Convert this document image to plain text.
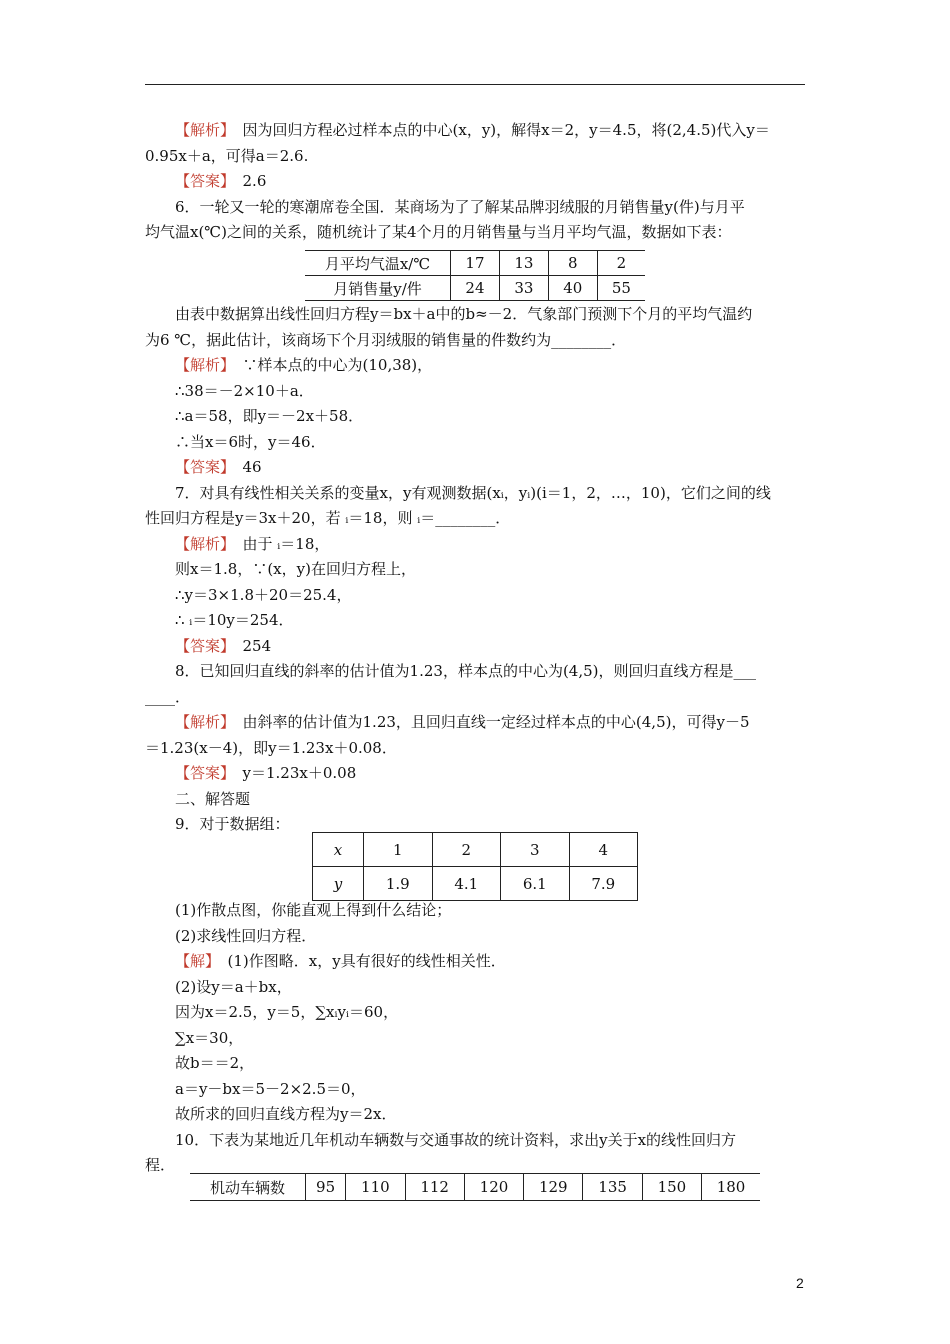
【解析】　因为回归方程必过样本点的中心(x，y)，解得x＝2，y＝4.5，将(2,4.5)代入y＝
0.95x＋a，可得a＝2.6.
【答案】　2.6
6．一轮又一轮的寒潮席卷全国．某商场为了了解某品牌羽绒服的月销售量y(件)与月平
均气温x(℃)之间的关系，随机统计了某4个月的月销售量与当月平均气温，数据如下表：
月平均气温x/℃	17	13	8	2
月销售量y/件	24	33	40	55
由表中数据算出线性回归方程y＝bx＋a中的b≈－2．气象部门预测下个月的平均气温约
为6 ℃，据此估计，该商场下个月羽绒服的销售量的件数约为________．
【解析】　∵样本点的中心为(10,38)，
∴38＝－2×10＋a．
∴a＝58，即y＝－2x＋58．
∴当x＝6时，y＝46．
【答案】　46
7．对具有线性相关关系的变量x，y有观测数据(xᵢ，yᵢ)(i＝1，2，…，10)，它们之间的线
性回归方程是y＝3x＋20，若 ᵢ＝18，则 ᵢ＝________．
【解析】　由于 ᵢ＝18，
则x＝1.8，∵(x，y)在回归方程上，
∴y＝3×1.8＋20＝25.4，
∴ ᵢ＝10y＝254．
【答案】　254
8．已知回归直线的斜率的估计值为1.23，样本点的中心为(4,5)，则回归直线方程是___
____．
【解析】　由斜率的估计值为1.23，且回归直线一定经过样本点的中心(4,5)，可得y－5
＝1.23(x－4)，即y＝1.23x＋0.08．
【答案】　y＝1.23x＋0.08
二、解答题
9．对于数据组：
x	1	2	3	4
y	1.9	4.1	6.1	7.9
(1)作散点图，你能直观上得到什么结论；
(2)求线性回归方程．
【解】　(1)作图略．x，y具有很好的线性相关性．
(2)设y＝a＋bx，
因为x＝2.5，y＝5，∑xᵢyᵢ＝60，
∑x＝30，
故b＝＝2，
a＝y－bx＝5－2×2.5＝0，
故所求的回归直线方程为y＝2x．
10．下表为某地近几年机动车辆数与交通事故的统计资料，求出y关于x的线性回归方
程．
机动车辆数	95	110	112	120	129	135	150	180
2
